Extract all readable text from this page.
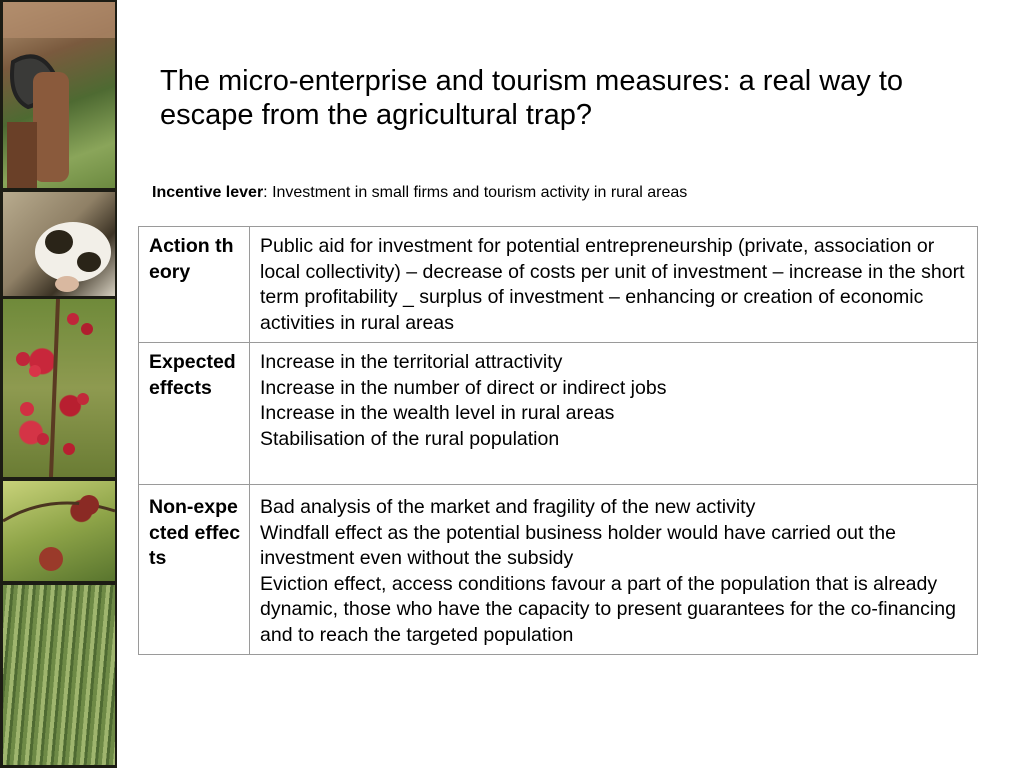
The micro-enterprise and tourism measures: a real way to escape from the agricultural trap?
Incentive lever: Investment in small firms and tourism activity in rural areas
Action theory	Public aid for investment for potential entrepreneurship (private, association or local collectivity) – decrease of costs per unit of investment – increase in the short term profitability _ surplus of investment – enhancing or creation of economic activities in rural areas

Expected effects	Increase in the territorial attractivity
Increase in the number of direct or indirect jobs
Increase in the wealth level in rural areas
Stabilisation of the rural population

Non-expected effects	Bad analysis of the market and fragility of the new activity
Windfall effect as the potential business holder would have carried out the investment even without the subsidy
Eviction effect, access conditions favour a part of the population that is already dynamic, those who have the capacity to present guarantees for the co-financing and to reach the targeted population
